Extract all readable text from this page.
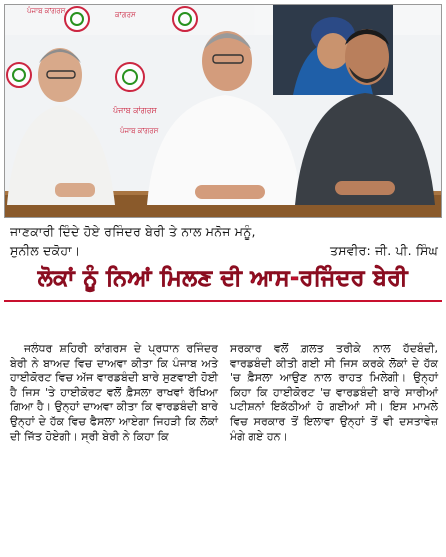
ਕਾਂਗਰਸ
ਪੰਜਾਬ ਕਾਂਗਰਸ
ਪੰਜਾਬ ਕਾਂਗਰਸ
ਪੰਜਾਬ ਕਾਂਗਰਸ
ਜਾਣਕਾਰੀ ਦਿੰਦੇ ਹੋਏ ਰਜਿੰਦਰ ਬੇਰੀ ਤੇ ਨਾਲ ਮਨੋਜ ਮਨੂੰ,
ਸੁਨੀਲ ਦਕੋਹਾ।	ਤਸਵੀਰ: ਜੀ. ਪੀ. ਸਿੰਘ
ਲੋਕਾਂ ਨੂੰ ਨਿਆਂ ਮਿਲਣ ਦੀ ਆਸ-ਰਜਿੰਦਰ ਬੇਰੀ

ਜਲੰਧਰ ਸ਼ਹਿਰੀ ਕਾਂਗਰਸ ਦੇ ਪ੍ਰਧਾਨ ਰਜਿੰਦਰ ਬੇਰੀ ਨੇ ਬਾਅਦ ਵਿਚ ਦਾਅਵਾ ਕੀਤਾ ਕਿ ਪੰਜਾਬ ਅਤੇ ਹਾਈਕੋਰਟ ਵਿਚ ਅੱਜ ਵਾਰਡਬੰਦੀ ਬਾਰੇ ਸੁਣਵਾਈ ਹੋਈ ਹੈ ਜਿਸ 'ਤੇ ਹਾਈਕੋਰਟ ਵਲੋਂ ਫ਼ੈਸਲਾ ਰਾਖਵਾਂ ਰੱਖਿਆ ਗਿਆ ਹੈ। ਉਨ੍ਹਾਂ ਦਾਅਵਾ ਕੀਤਾ ਕਿ ਵਾਰਡਬੰਦੀ ਬਾਰੇ ਉਨ੍ਹਾਂ ਦੇ ਹੱਕ ਵਿਚ ਫੈਸਲਾ ਆਏਗਾ ਜਿਹੜੀ ਕਿ ਲੋਕਾਂ ਦੀ ਜਿੱਤ ਹੋਏਗੀ। ਸ੍ਰੀ ਬੇਰੀ ਨੇ ਕਿਹਾ ਕਿ

ਸਰਕਾਰ ਵਲੋਂ ਗ਼ਲਤ ਤਰੀਕੇ ਨਾਲ ਹੱਦਬੰਦੀ, ਵਾਰਡਬੰਦੀ ਕੀਤੀ ਗਈ ਸੀ ਜਿਸ ਕਰਕੇ ਲੋਕਾਂ ਦੇ ਹੱਕ 'ਚ ਫ਼ੈਸਲਾ ਆਉਣ ਨਾਲ ਰਾਹਤ ਮਿਲੇਗੀ। ਉਨ੍ਹਾਂ ਕਿਹਾ ਕਿ ਹਾਈਕੋਰਟ 'ਚ ਵਾਰਡਬੰਦੀ ਬਾਰੇ ਸਾਰੀਆਂ ਪਟੀਸ਼ਨਾਂ ਇਕੱਠੀਆਂ ਹੋ ਗਈਆਂ ਸੀ। ਇਸ ਮਾਮਲੇ ਵਿਚ ਸਰਕਾਰ ਤੋਂ ਇਲਾਵਾ ਉਨ੍ਹਾਂ ਤੋਂ ਵੀ ਦਸਤਾਵੇਜ਼ ਮੰਗੇ ਗਏ ਹਨ।
